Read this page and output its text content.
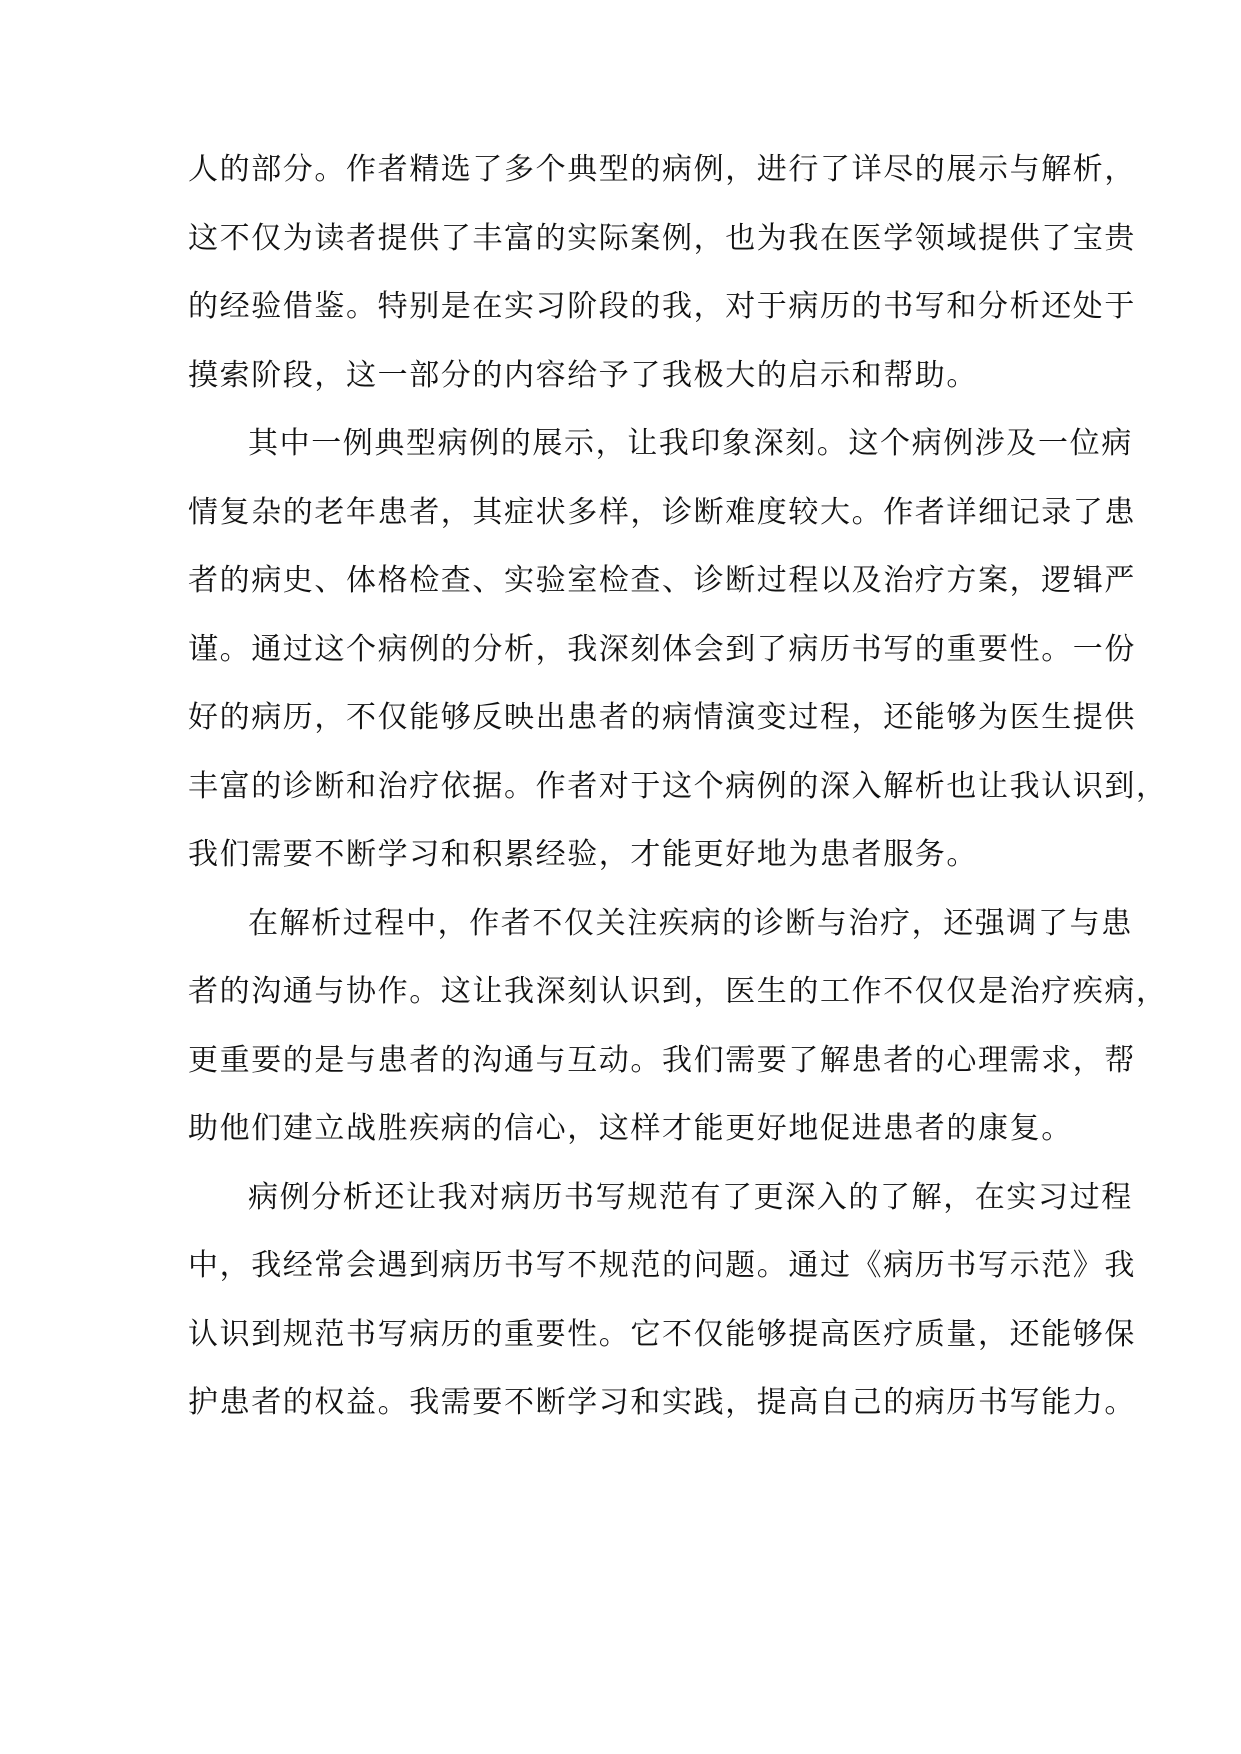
人的部分。作者精选了多个典型的病例，进行了详尽的展示与解析，
这不仅为读者提供了丰富的实际案例，也为我在医学领域提供了宝贵
的经验借鉴。特别是在实习阶段的我，对于病历的书写和分析还处于
摸索阶段，这一部分的内容给予了我极大的启示和帮助。
其中一例典型病例的展示，让我印象深刻。这个病例涉及一位病
情复杂的老年患者，其症状多样，诊断难度较大。作者详细记录了患
者的病史、体格检查、实验室检查、诊断过程以及治疗方案，逻辑严
谨。通过这个病例的分析，我深刻体会到了病历书写的重要性。一份
好的病历，不仅能够反映出患者的病情演变过程，还能够为医生提供
丰富的诊断和治疗依据。作者对于这个病例的深入解析也让我认识到，
我们需要不断学习和积累经验，才能更好地为患者服务。
在解析过程中，作者不仅关注疾病的诊断与治疗，还强调了与患
者的沟通与协作。这让我深刻认识到，医生的工作不仅仅是治疗疾病，
更重要的是与患者的沟通与互动。我们需要了解患者的心理需求，帮
助他们建立战胜疾病的信心，这样才能更好地促进患者的康复。
病例分析还让我对病历书写规范有了更深入的了解，在实习过程
中，我经常会遇到病历书写不规范的问题。通过《病历书写示范》我
认识到规范书写病历的重要性。它不仅能够提高医疗质量，还能够保
护患者的权益。我需要不断学习和实践，提高自己的病历书写能力。
